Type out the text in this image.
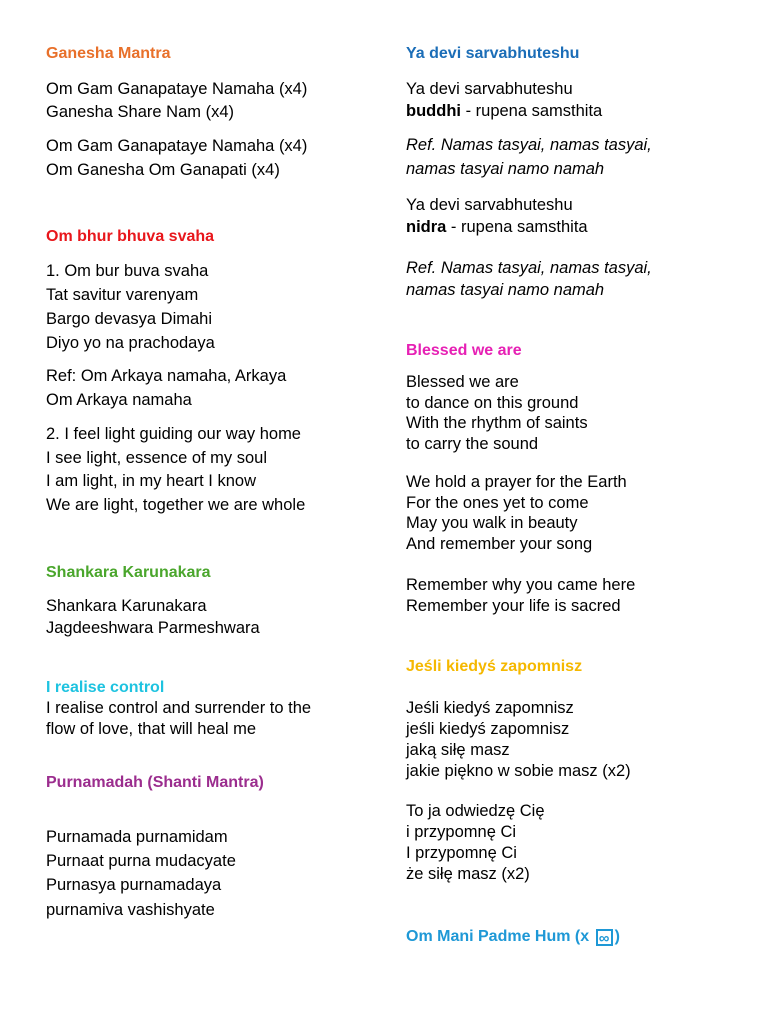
Ganesha Mantra
Om Gam Ganapataye Namaha (x4)
Ganesha Share Nam (x4)
Om Gam Ganapataye Namaha (x4)
Om Ganesha Om Ganapati (x4)
Om bhur bhuva svaha
1. Om bur buva svaha
Tat savitur varenyam
Bargo devasya Dimahi
Diyo yo na prachodaya
Ref: Om Arkaya namaha, Arkaya
Om Arkaya namaha
2. I feel light guiding our way home
I see light, essence of my soul
I am light, in my heart I know
We are light, together we are whole
Shankara Karunakara
Shankara Karunakara
Jagdeeshwara Parmeshwara
I realise control
I realise control and surrender to the
flow of love, that will heal me
Purnamadah (Shanti Mantra)
Purnamada purnamidam
Purnaat purna mudacyate
Purnasya purnamadaya
purnamiva vashishyate
Ya devi sarvabhuteshu
Ya devi sarvabhuteshu
buddhi - rupena samsthita
Ref. Namas tasyai, namas tasyai,
namas tasyai namo namah
Ya devi sarvabhuteshu
nidra - rupena samsthita
Ref. Namas tasyai, namas tasyai,
namas tasyai namo namah
Blessed we are
Blessed we are
to dance on this ground
With the rhythm of saints
to carry the sound
We hold a prayer for the Earth
For the ones yet to come
May you walk in beauty
And remember your song
Remember why you came here
Remember your life is sacred
Jeśli kiedyś zapomnisz
Jeśli kiedyś zapomnisz
jeśli kiedyś zapomnisz
jaką siłę masz
jakie piękno w sobie masz (x2)
To ja odwiedzę Cię
i przypomnę Ci
I przypomnę Ci
że siłę masz (x2)
Om Mani Padme Hum (x ∞ )
